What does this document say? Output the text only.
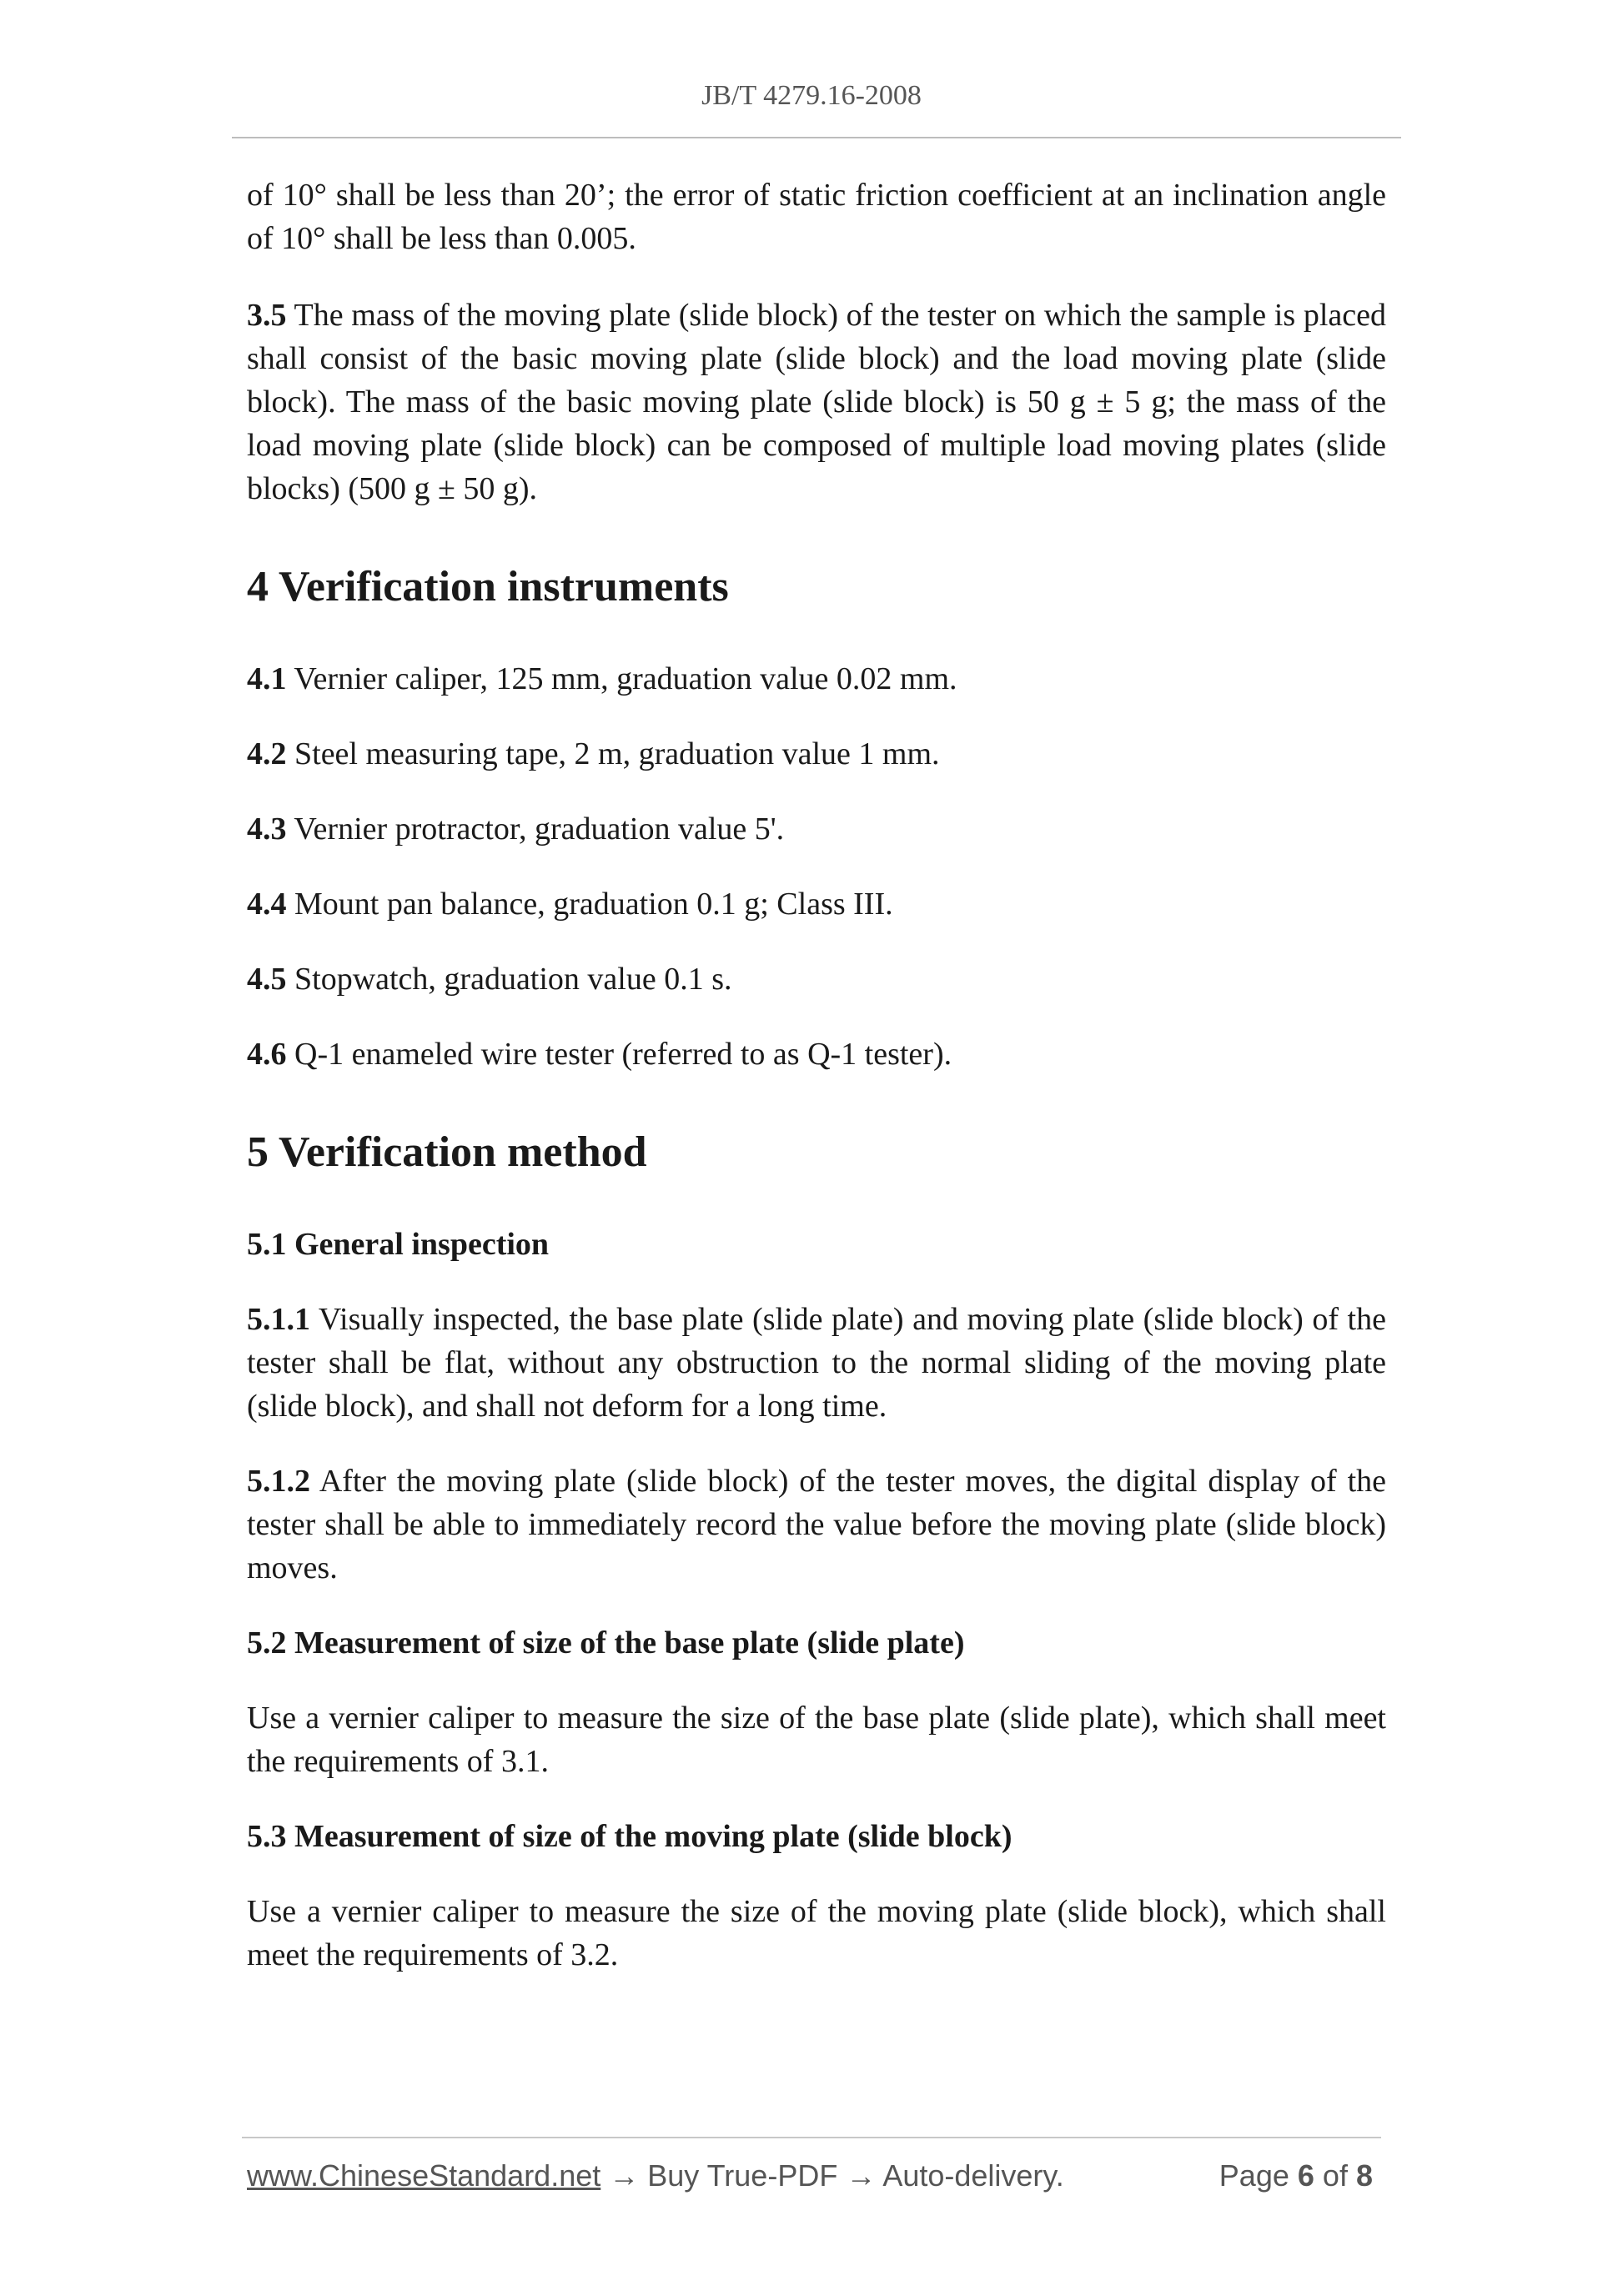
JB/T 4279.16-2008

of 10° shall be less than 20’; the error of static friction coefficient at an inclination angle of 10° shall be less than 0.005.

3.5 The mass of the moving plate (slide block) of the tester on which the sample is placed shall consist of the basic moving plate (slide block) and the load moving plate (slide block). The mass of the basic moving plate (slide block) is 50 g ± 5 g; the mass of the load moving plate (slide block) can be composed of multiple load moving plates (slide blocks) (500 g ± 50 g).

4 Verification instruments
4.1 Vernier caliper, 125 mm, graduation value 0.02 mm.
4.2 Steel measuring tape, 2 m, graduation value 1 mm.
4.3 Vernier protractor, graduation value 5'.
4.4 Mount pan balance, graduation 0.1 g; Class III.
4.5 Stopwatch, graduation value 0.1 s.
4.6 Q-1 enameled wire tester (referred to as Q-1 tester).
5 Verification method
5.1 General inspection

5.1.1 Visually inspected, the base plate (slide plate) and moving plate (slide block) of the tester shall be flat, without any obstruction to the normal sliding of the moving plate (slide block), and shall not deform for a long time.

5.1.2 After the moving plate (slide block) of the tester moves, the digital display of the tester shall be able to immediately record the value before the moving plate (slide block) moves.

5.2 Measurement of size of the base plate (slide plate)

Use a vernier caliper to measure the size of the base plate (slide plate), which shall meet the requirements of 3.1.

5.3 Measurement of size of the moving plate (slide block)

Use a vernier caliper to measure the size of the moving plate (slide block), which shall meet the requirements of 3.2.

www.ChineseStandard.net → Buy True-PDF → Auto-delivery.	Page 6 of 8
